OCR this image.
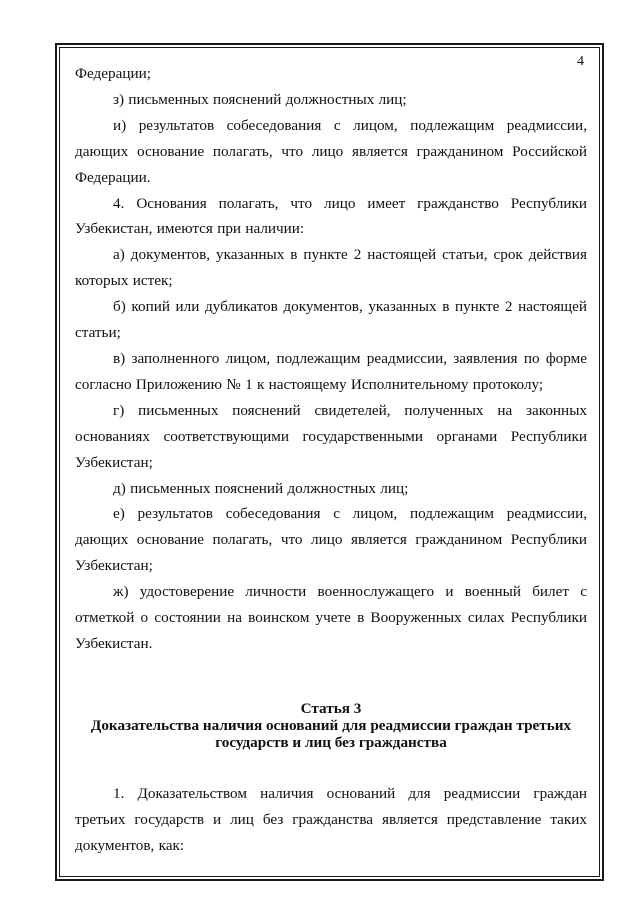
4

Федерации;

з) письменных пояснений должностных лиц;

и) результатов собеседования с лицом, подлежащим реадмиссии, дающих основание полагать, что лицо является гражданином Российской Федерации.

4. Основания полагать, что лицо имеет гражданство Республики Узбекистан, имеются при наличии:

а) документов, указанных в пункте 2 настоящей статьи, срок действия которых истек;

б) копий или дубликатов документов, указанных в пункте 2 настоящей статьи;

в) заполненного лицом, подлежащим реадмиссии, заявления по форме согласно Приложению № 1 к настоящему Исполнительному протоколу;

г) письменных пояснений свидетелей, полученных на законных основаниях соответствующими государственными органами Республики Узбекистан;

д) письменных пояснений должностных лиц;

е) результатов собеседования с лицом, подлежащим реадмиссии, дающих основание полагать, что лицо является гражданином Республики Узбекистан;

ж) удостоверение личности военнослужащего и военный билет с отметкой о состоянии на воинском учете в Вооруженных силах Республики Узбекистан.

Статья 3
Доказательства наличия оснований для реадмиссии граждан третьих
государств и лиц без гражданства

1. Доказательством наличия оснований для реадмиссии граждан третьих государств и лиц без гражданства является представление таких документов, как:
